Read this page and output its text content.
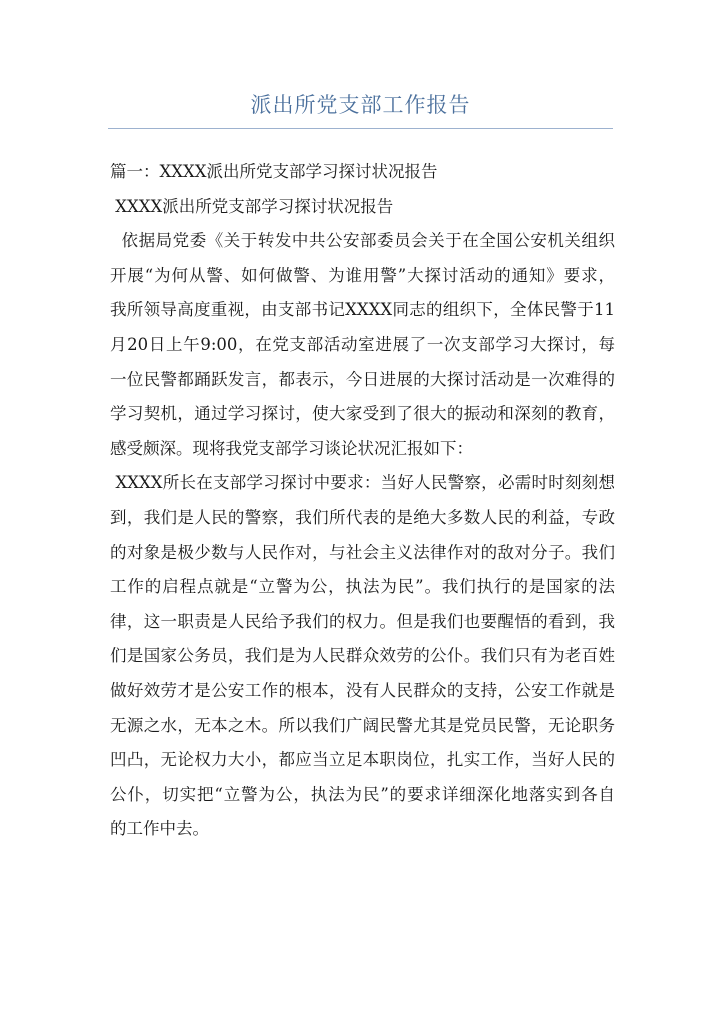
派出所党支部工作报告
篇一：XXXX派出所党支部学习探讨状况报告
XXXX派出所党支部学习探讨状况报告
依据局党委《关于转发中共公安部委员会关于在全国公安机关组织
开展“为何从警、如何做警、为谁用警”大探讨活动的通知》要求，
我所领导高度重视，由支部书记XXXX同志的组织下，全体民警于11
月20日上午9:00，在党支部活动室进展了一次支部学习大探讨，每
一位民警都踊跃发言，都表示，今日进展的大探讨活动是一次难得的
学习契机，通过学习探讨，使大家受到了很大的振动和深刻的教育，
感受颇深。现将我党支部学习谈论状况汇报如下：
XXXX所长在支部学习探讨中要求：当好人民警察，必需时时刻刻想
到，我们是人民的警察，我们所代表的是绝大多数人民的利益，专政
的对象是极少数与人民作对，与社会主义法律作对的敌对分子。我们
工作的启程点就是“立警为公，执法为民”。我们执行的是国家的法
律，这一职责是人民给予我们的权力。但是我们也要醒悟的看到，我
们是国家公务员，我们是为人民群众效劳的公仆。我们只有为老百姓
做好效劳才是公安工作的根本，没有人民群众的支持，公安工作就是
无源之水，无本之木。所以我们广阔民警尤其是党员民警，无论职务
凹凸，无论权力大小，都应当立足本职岗位，扎实工作，当好人民的
公仆，切实把“立警为公，执法为民”的要求详细深化地落实到各自
的工作中去。
